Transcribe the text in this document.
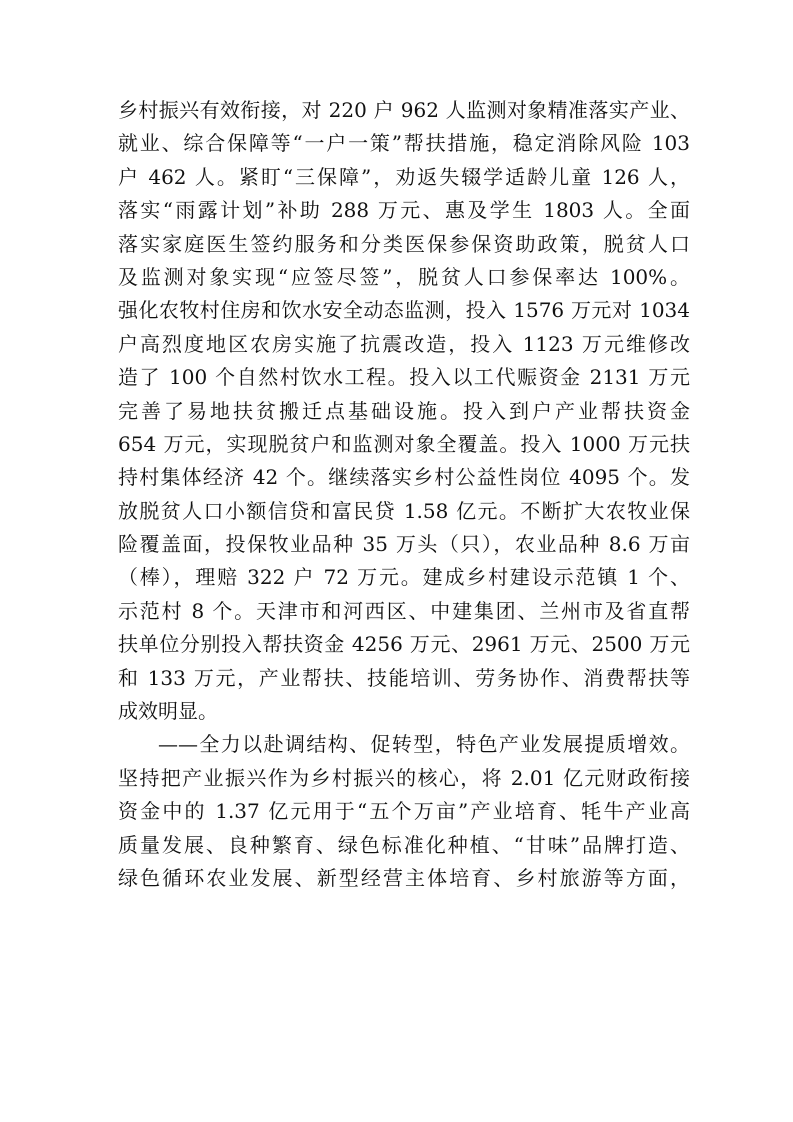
乡村振兴有效衔接，对 220 户 962 人监测对象精准落实产业、
就业、综合保障等“一户一策”帮扶措施，稳定消除风险 103
户 462 人。紧盯“三保障”，劝返失辍学适龄儿童 126 人，
落实“雨露计划”补助 288 万元、惠及学生 1803 人。全面
落实家庭医生签约服务和分类医保参保资助政策，脱贫人口
及监测对象实现“应签尽签”，脱贫人口参保率达 100%。
强化农牧村住房和饮水安全动态监测，投入 1576 万元对 1034
户高烈度地区农房实施了抗震改造，投入 1123 万元维修改
造了 100 个自然村饮水工程。投入以工代赈资金 2131 万元
完善了易地扶贫搬迁点基础设施。投入到户产业帮扶资金
654 万元，实现脱贫户和监测对象全覆盖。投入 1000 万元扶
持村集体经济 42 个。继续落实乡村公益性岗位 4095 个。发
放脱贫人口小额信贷和富民贷 1.58 亿元。不断扩大农牧业保
险覆盖面，投保牧业品种 35 万头（只），农业品种 8.6 万亩
（棒），理赔 322 户 72 万元。建成乡村建设示范镇 1 个、
示范村 8 个。天津市和河西区、中建集团、兰州市及省直帮
扶单位分别投入帮扶资金 4256 万元、2961 万元、2500 万元
和 133 万元，产业帮扶、技能培训、劳务协作、消费帮扶等
成效明显。
——全力以赴调结构、促转型，特色产业发展提质增效。
坚持把产业振兴作为乡村振兴的核心，将 2.01 亿元财政衔接
资金中的 1.37 亿元用于“五个万亩”产业培育、牦牛产业高
质量发展、良种繁育、绿色标准化种植、“甘味”品牌打造、
绿色循环农业发展、新型经营主体培育、乡村旅游等方面，
